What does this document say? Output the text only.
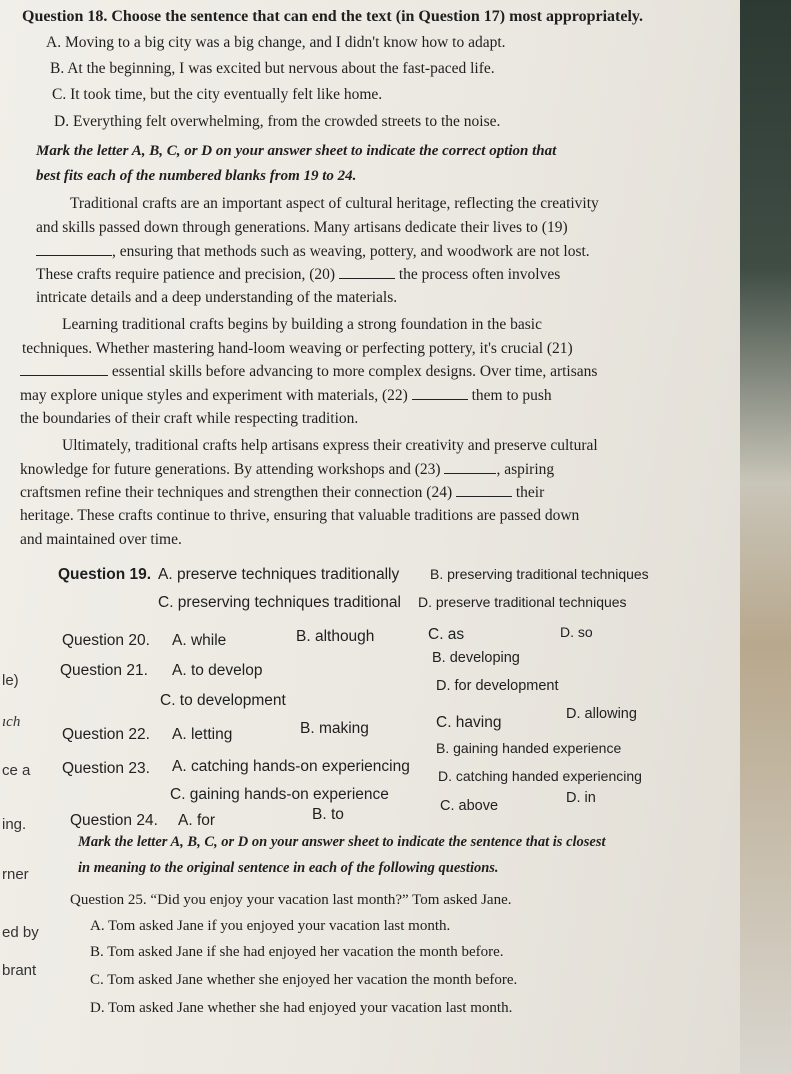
Question 18. Choose the sentence that can end the text (in Question 17) most appropriately.
A. Moving to a big city was a big change, and I didn't know how to adapt.
B. At the beginning, I was excited but nervous about the fast-paced life.
C. It took time, but the city eventually felt like home.
D. Everything felt overwhelming, from the crowded streets to the noise.
Mark the letter A, B, C, or D on your answer sheet to indicate the correct option that
best fits each of the numbered blanks from 19 to 24.
Traditional crafts are an important aspect of cultural heritage, reflecting the creativity
and skills passed down through generations. Many artisans dedicate their lives to (19)
, ensuring that methods such as weaving, pottery, and woodwork are not lost.
These crafts require patience and precision, (20)	the process often involves
intricate details and a deep understanding of the materials.
Learning traditional crafts begins by building a strong foundation in the basic
techniques. Whether mastering hand-loom weaving or perfecting pottery, it's crucial (21)
essential skills before advancing to more complex designs. Over time, artisans
may explore unique styles and experiment with materials, (22)	them to push
the boundaries of their craft while respecting tradition.
Ultimately, traditional crafts help artisans express their creativity and preserve cultural
knowledge for future generations. By attending workshops and (23)	, aspiring
craftsmen refine their techniques and strengthen their connection (24)	their
heritage. These crafts continue to thrive, ensuring that valuable traditions are passed down
and maintained over time.
Question 19. A. preserve techniques traditionally B. preserving traditional techniques
C. preserving techniques traditional D. preserve traditional techniques
Question 20. A. while	B. although	C. as	D. so
Question 21. A. to develop
B. developing
C. to development
D. for development
Question 22. A. letting	B. making	C. having	D. allowing
Question 23. A. catching hands-on experiencing
B. gaining handed experience
C. gaining hands-on experience
D. catching handed experiencing
Question 24. A. for	B. to	C. above	D. in
Mark the letter A, B, C, or D on your answer sheet to indicate the sentence that is closest
in meaning to the original sentence in each of the following questions.
Question 25. “Did you enjoy your vacation last month?” Tom asked Jane.
A. Tom asked Jane if you enjoyed your vacation last month.
B. Tom asked Jane if she had enjoyed her vacation the month before.
C. Tom asked Jane whether she enjoyed her vacation the month before.
D. Tom asked Jane whether she had enjoyed your vacation last month.
le)
ıch
ce a
ing.
rner
ed by
brant
